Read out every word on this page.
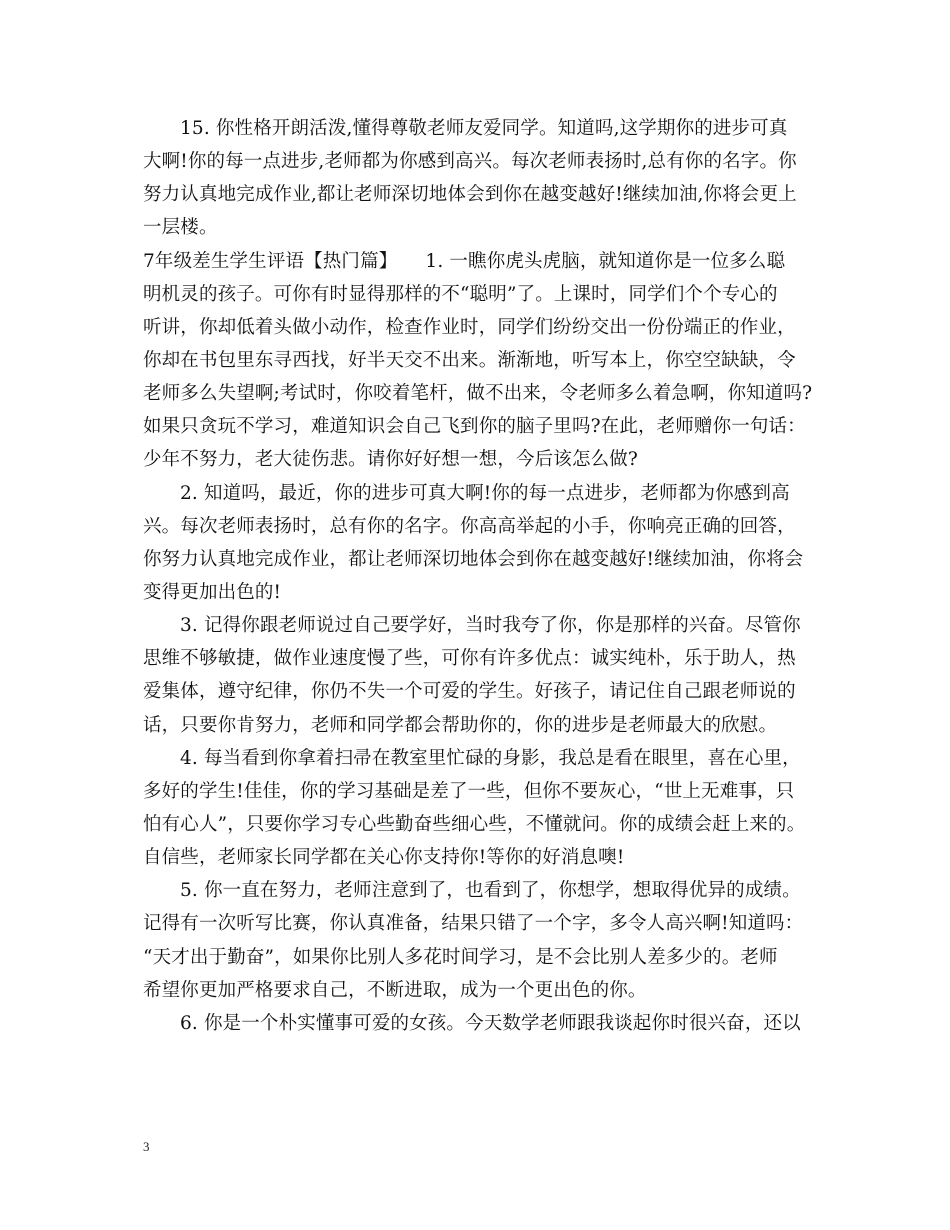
15. 你性格开朗活泼,懂得尊敬老师友爱同学。知道吗,这学期你的进步可真
大啊!你的每一点进步,老师都为你感到高兴。每次老师表扬时,总有你的名字。你
努力认真地完成作业,都让老师深切地体会到你在越变越好!继续加油,你将会更上
一层楼。
7年级差生学生评语【热门篇】　　1. 一瞧你虎头虎脑，就知道你是一位多么聪
明机灵的孩子。可你有时显得那样的不“聪明”了。上课时，同学们个个专心的
听讲，你却低着头做小动作，检查作业时，同学们纷纷交出一份份端正的作业，
你却在书包里东寻西找，好半天交不出来。渐渐地，听写本上，你空空缺缺，令
老师多么失望啊;考试时，你咬着笔杆，做不出来，令老师多么着急啊，你知道吗?
如果只贪玩不学习，难道知识会自己飞到你的脑子里吗?在此，老师赠你一句话：
少年不努力，老大徒伤悲。请你好好想一想，今后该怎么做?
2. 知道吗，最近，你的进步可真大啊!你的每一点进步，老师都为你感到高
兴。每次老师表扬时，总有你的名字。你高高举起的小手，你响亮正确的回答，
你努力认真地完成作业，都让老师深切地体会到你在越变越好!继续加油，你将会
变得更加出色的!
3. 记得你跟老师说过自己要学好，当时我夸了你，你是那样的兴奋。尽管你
思维不够敏捷，做作业速度慢了些，可你有许多优点：诚实纯朴，乐于助人，热
爱集体，遵守纪律，你仍不失一个可爱的学生。好孩子，请记住自己跟老师说的
话，只要你肯努力，老师和同学都会帮助你的，你的进步是老师最大的欣慰。
4. 每当看到你拿着扫帚在教室里忙碌的身影，我总是看在眼里，喜在心里，
多好的学生!佳佳，你的学习基础是差了一些，但你不要灰心，“世上无难事，只
怕有心人”，只要你学习专心些勤奋些细心些，不懂就问。你的成绩会赶上来的。
自信些，老师家长同学都在关心你支持你!等你的好消息噢!
5. 你一直在努力，老师注意到了，也看到了，你想学，想取得优异的成绩。
记得有一次听写比赛，你认真准备，结果只错了一个字，多令人高兴啊!知道吗：
“天才出于勤奋”，如果你比别人多花时间学习，是不会比别人差多少的。老师
希望你更加严格要求自己，不断进取，成为一个更出色的你。
6. 你是一个朴实懂事可爱的女孩。今天数学老师跟我谈起你时很兴奋，还以
3
